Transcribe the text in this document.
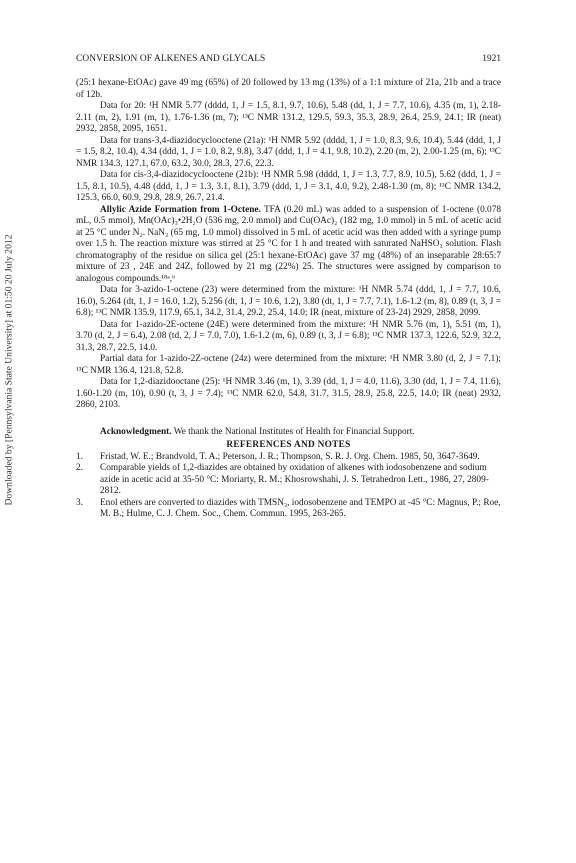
Downloaded by [Pennsylvania State University] at 01:50 20 July 2012
CONVERSION OF ALKENES AND GLYCALS	1921

(25:1 hexane-EtOAc) gave 49 mg (65%) of 20 followed by 13 mg (13%) of a 1:1 mixture of 21a, 21b and a trace of 12b.

Data for 20: ¹H NMR 5.77 (dddd, 1, J = 1.5, 8.1, 9.7, 10.6), 5.48 (dd, 1, J = 7.7, 10.6), 4.35 (m, 1), 2.18-2.11 (m, 2), 1.91 (m, 1), 1.76-1.36 (m, 7); ¹³C NMR 131.2, 129.5, 59.3, 35.3, 28.9, 26.4, 25.9, 24.1; IR (neat) 2932, 2858, 2095, 1651.

Data for trans-3,4-diazidocyclooctene (21a): ¹H NMR 5.92 (dddd, 1, J = 1.0, 8.3, 9.6, 10.4), 5.44 (ddd, 1, J = 1.5, 8.2, 10.4), 4.34 (ddd, 1, J = 1.0, 8.2, 9.8), 3.47 (ddd, 1, J = 4.1, 9.8, 10.2), 2.20 (m, 2), 2.00-1.25 (m, 6); ¹³C NMR 134.3, 127.1, 67.0, 63.2, 30.0, 28.3, 27.6, 22.3.

Data for cis-3,4-diazidocyclooctene (21b): ¹H NMR 5.98 (dddd, 1, J = 1.3, 7.7, 8.9, 10.5), 5.62 (ddd, 1, J = 1.5, 8.1, 10.5), 4.48 (ddd, 1, J = 1.3, 3.1, 8.1), 3.79 (ddd, 1, J = 3.1, 4.0, 9.2), 2.48-1.30 (m, 8); ¹³C NMR 134.2, 125.3, 66.0, 60.9, 29.8, 28.9, 26.7, 21.4.

Allylic Azide Formation from 1-Octene. TFA (0.20 mL) was added to a suspension of 1-octene (0.078 mL, 0.5 mmol), Mn(OAc)₃•2H₂O (536 mg, 2.0 mmol) and Cu(OAc)₂ (182 mg, 1.0 mmol) in 5 mL of acetic acid at 25 °C under N₂. NaN₃ (65 mg, 1.0 mmol) dissolved in 5 mL of acetic acid was then added with a syringe pump over 1.5 h. The reaction mixture was stirred at 25 °C for 1 h and treated with saturated NaHSO₃ solution. Flash chromatography of the residue on silica gel (25:1 hexane-EtOAc) gave 37 mg (48%) of an inseparable 28:65:7 mixture of 23 , 24E and 24Z, followed by 21 mg (22%) 25. The structures were assigned by comparison to analogous compounds.¹⁸ᵃ,ᵇ

Data for 3-azido-1-octene (23) were determined from the mixture: ¹H NMR 5.74 (ddd, 1, J = 7.7, 10.6, 16.0), 5.264 (dt, 1, J = 16.0, 1.2), 5.256 (dt, 1, J = 10.6, 1.2), 3.80 (dt, 1, J = 7.7, 7.1), 1.6-1.2 (m, 8), 0.89 (t, 3, J = 6.8); ¹³C NMR 135.9, 117.9, 65.1, 34.2, 31.4, 29.2, 25.4, 14.0; IR (neat, mixture of 23-24) 2929, 2858, 2099.

Data for 1-azido-2E-octene (24E) were determined from the mixture: ¹H NMR 5.76 (m, 1), 5.51 (m, 1), 3.70 (d, 2, J = 6.4), 2.08 (td, 2, J = 7.0, 7.0), 1.6-1.2 (m, 6), 0.89 (t, 3, J = 6.8); ¹³C NMR 137.3, 122.6, 52.9, 32.2, 31.3, 28.7, 22.5, 14.0.

Partial data for 1-azido-2Z-octene (24z) were determined from the mixture: ¹H NMR 3.80 (d, 2, J = 7.1); ¹³C NMR 136.4, 121.8, 52.8.

Data for 1,2-diazidooctane (25): ¹H NMR 3.46 (m, 1), 3.39 (dd, 1, J = 4.0, 11.6), 3.30 (dd, 1, J = 7.4, 11.6), 1.60-1.20 (m, 10), 0.90 (t, 3, J = 7.4); ¹³C NMR 62.0, 54.8, 31.7, 31.5, 28.9, 25.8, 22.5, 14.0; IR (neat) 2932, 2860, 2103.

Acknowledgment. We thank the National Institutes of Health for Financial Support.

REFERENCES AND NOTES

1.	Fristad, W. E.; Brandvold, T. A.; Peterson, J. R.; Thompson, S. R. J. Org. Chem. 1985, 50, 3647-3649.
2.	Comparable yields of 1,2-diazides are obtained by oxidation of alkenes with iodosobenzene and sodium azide in acetic acid at 35-50 °C: Moriarty, R. M.; Khosrowshahi, J. S. Tetrahedron Lett., 1986, 27, 2809-2812.
3.	Enol ethers are converted to diazides with TMSN₃, iodosobenzene and TEMPO at -45 °C: Magnus, P.; Roe, M. B.; Hulme, C. J. Chem. Soc., Chem. Commun. 1995, 263-265.
